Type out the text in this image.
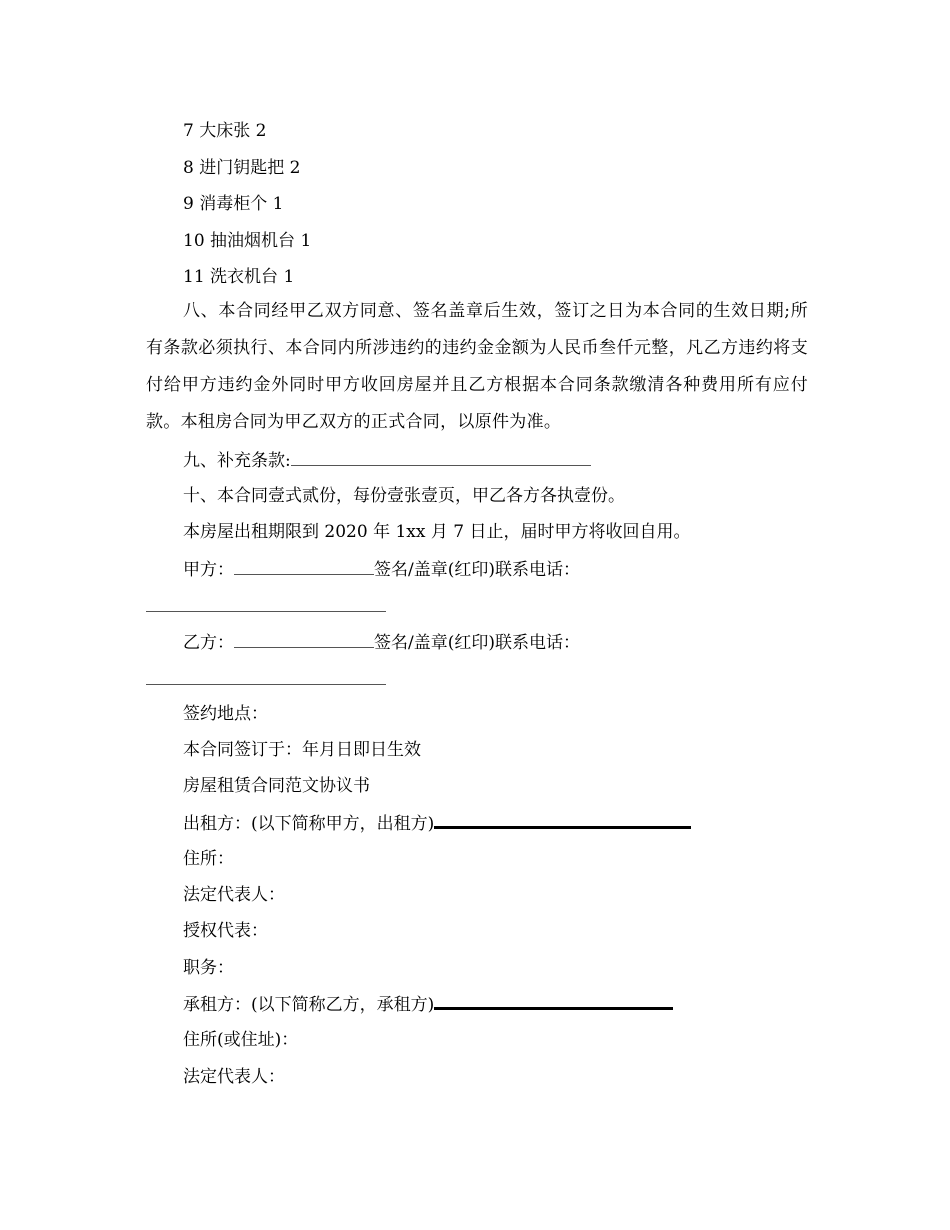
7 大床张 2
8 进门钥匙把 2
9 消毒柜个 1
10 抽油烟机台 1
11 洗衣机台 1
八、本合同经甲乙双方同意、签名盖章后生效，签订之日为本合同的生效日期;所有条款必须执行、本合同内所涉违约的违约金金额为人民币叁仟元整，凡乙方违约将支付给甲方违约金外同时甲方收回房屋并且乙方根据本合同条款缴清各种费用所有应付款。本租房合同为甲乙双方的正式合同，以原件为准。
九、补充条款:
十、本合同壹式贰份，每份壹张壹页，甲乙各方各执壹份。
本房屋出租期限到 2020 年 1xx 月 7 日止，届时甲方将收回自用。
甲方：	签名/盖章(红印)联系电话：
乙方：	签名/盖章(红印)联系电话：
签约地点：
本合同签订于：年月日即日生效
房屋租赁合同范文协议书
出租方：(以下简称甲方，出租方)
住所：
法定代表人：
授权代表：
职务：
承租方：(以下简称乙方，承租方)
住所(或住址)：
法定代表人：
